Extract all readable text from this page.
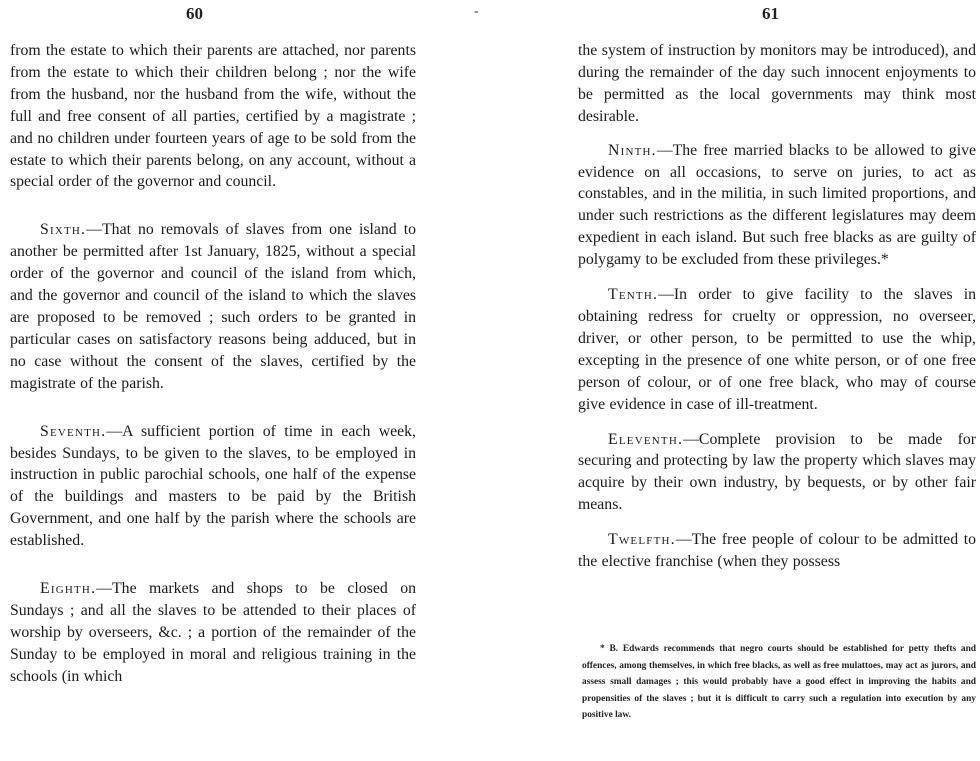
60

from the estate to which their parents are attached, nor parents from the estate to which their children belong ; nor the wife from the husband, nor the husband from the wife, without the full and free consent of all parties, certified by a magistrate ; and no children under fourteen years of age to be sold from the estate to which their parents belong, on any account, without a special order of the governor and council.

Sixth.—That no removals of slaves from one island to another be permitted after 1st January, 1825, without a special order of the governor and council of the island from which, and the governor and council of the island to which the slaves are proposed to be removed ; such orders to be granted in particular cases on satisfactory reasons being adduced, but in no case without the consent of the slaves, certified by the magistrate of the parish.

Seventh.—A sufficient portion of time in each week, besides Sundays, to be given to the slaves, to be employed in instruction in public parochial schools, one half of the expense of the buildings and masters to be paid by the British Government, and one half by the parish where the schools are established.

Eighth.—The markets and shops to be closed on Sundays ; and all the slaves to be attended to their places of worship by overseers, &c. ; a portion of the remainder of the Sunday to be employed in moral and religious training in the schools (in which

-	61

the system of instruction by monitors may be introduced), and during the remainder of the day such innocent enjoyments to be permitted as the local governments may think most desirable.

Ninth.—The free married blacks to be allowed to give evidence on all occasions, to serve on juries, to act as constables, and in the militia, in such limited proportions, and under such restrictions as the different legislatures may deem expedient in each island. But such free blacks as are guilty of polygamy to be excluded from these privileges.*

Tenth.—In order to give facility to the slaves in obtaining redress for cruelty or oppression, no overseer, driver, or other person, to be permitted to use the whip, excepting in the presence of one white person, or of one free person of colour, or of one free black, who may of course give evidence in case of ill-treatment.

Eleventh.—Complete provision to be made for securing and protecting by law the property which slaves may acquire by their own industry, by bequests, or by other fair means.

Twelfth.—The free people of colour to be admitted to the elective franchise (when they possess

* B. Edwards recommends that negro courts should be established for petty thefts and offences, among themselves, in which free blacks, as well as free mulattoes, may act as jurors, and assess small damages ; this would probably have a good effect in improving the habits and propensities of the slaves ; but it is difficult to carry such a regulation into execution by any positive law.
